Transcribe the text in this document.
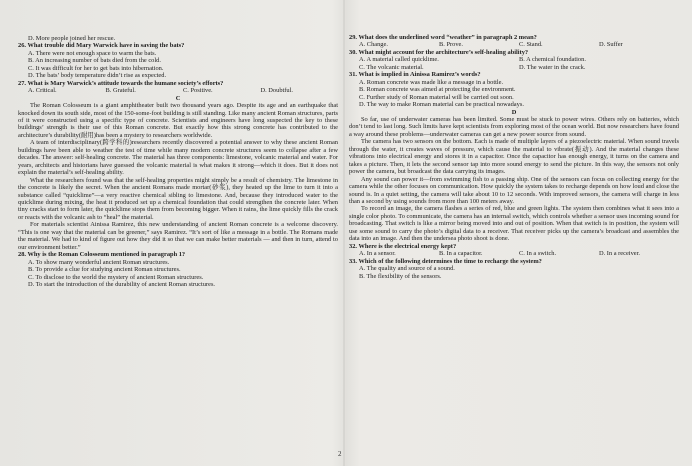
D. More people joined her rescue.

26. What trouble did Mary Warwick have in saving the bats?

A. There were not enough space to warm the bats.
B. An increasing number of bats died from the cold.
C. It was difficult for her to get bats into hibernation.
D. The bats’ body temperature didn’t rise as expected.

27. What is Mary Warwick’s attitude towards the humane society’s efforts?

A. Critical.	B. Grateful.	C. Positive.	D. Doubtful.

C

The Roman Colosseum is a giant amphitheater built two thousand years ago. Despite its age and an earthquake that knocked down its south side, most of the 150-some-foot building is still standing. Like many ancient Roman structures, parts of it were constructed using a specific type of concrete. Scientists and engineers have long suspected the key to these buildings’ strength is their use of this Roman concrete. But exactly how this strong concrete has contributed to the architecture’s durability(耐用)has been a mystery to researchers worldwide.

A team of interdisciplinary(跨学科的)researchers recently discovered a potential answer to why these ancient Roman buildings have been able to weather the test of time while many modern concrete structures seem to collapse after a few decades. The answer: self-healing concrete. The material has three components: limestone, volcanic material and water. For years, architects and historians have guessed the volcanic material is what makes it strong—which it does. But it does not explain the material’s self-healing ability.

What the researchers found was that the self-healing properties might simply be a result of chemistry. The limestone in the concrete is likely the secret. When the ancient Romans made mortar(砂浆), they heated up the lime to turn it into a substance called “quicklime”—a very reactive chemical sibling to limestone. And, because they introduced water to the quicklime during mixing, the heat it produced set up a chemical foundation that could strengthen the concrete later. When tiny cracks start to form later, the quicklime stops them from becoming bigger. When it rains, the lime quickly fills the crack or reacts with the volcanic ash to “heal” the material.

For materials scientist Ainissa Ramirez, this new understanding of ancient Roman concrete is a welcome discovery. “This is one way that the material can be greener,” says Ramirez. “It’s sort of like a message in a bottle. The Romans made the material. We had to kind of figure out how they did it so that we can make better materials — and then in turn, attend to our environment better.”

28. Why is the Roman Colosseum mentioned in paragraph 1?

A. To show many wonderful ancient Roman structures.
B. To provide a clue for studying ancient Roman structures.
C. To disclose to the world the mystery of ancient Roman structures.
D. To start the introduction of the durability of ancient Roman structures.

29. What does the underlined word “weather” in paragraph 2 mean?

A. Change.	B. Prove.	C. Stand.	D. Suffer

30. What might account for the architecture’s self-healing ability?

A. A material called quicklime.	B. A chemical foundation.
C. The volcanic material.	D. The water in the crack.

31. What is implied in Ainissa Ramirez’s words?

A. Roman concrete was made like a message in a bottle.
B. Roman concrete was aimed at protecting the environment.
C. Further study of Roman material will be carried out soon.
D. The way to make Roman material can be practical nowadays.

D

So far, use of underwater cameras has been limited. Some must be stuck to power wires. Others rely on batteries, which don’t tend to last long. Such limits have kept scientists from exploring most of the ocean world. But now researchers have found a way around these problems—underwater cameras can get a new power source from sound.

The camera has two sensors on the bottom. Each is made of multiple layers of a piezoelectric material. When sound travels through the water, it creates waves of pressure, which cause the material to vibrate(振动). And the material changes these vibrations into electrical energy and stores it in a capacitor. Once the capacitor has enough energy, it turns on the camera and takes a picture. Then, it lets the second sensor tap into more sound energy to send the picture. In this way, the sensors not only power the camera, but broadcast the data carrying its images.

Any sound can power it—from swimming fish to a passing ship. One of the sensors can focus on collecting energy for the camera while the other focuses on communication. How quickly the system takes to recharge depends on how loud and close the sound is. In a quiet setting, the camera will take about 10 to 12 seconds. With improved sensors, the camera will charge in less than a second by using sounds from more than 100 meters away.

To record an image, the camera flashes a series of red, blue and green lights. The system then combines what it sees into a single color photo. To communicate, the camera has an internal switch, which controls whether a sensor uses incoming sound for broadcasting. That switch is like a mirror being moved into and out of position. When that switch is in position, the system will use some sound to carry the photo’s digital data to a receiver. That receiver picks up the camera’s broadcast and assembles the data into an image. And then the undersea photo shoot is done.

32. Where is the electrical energy kept?

A. In a sensor.	B. In a capacitor.	C. In a switch.	D. In a receiver.

33. Which of the following determines the time to recharge the system?

A. The quality and source of a sound.
B. The flexibility of the sensors.
2
